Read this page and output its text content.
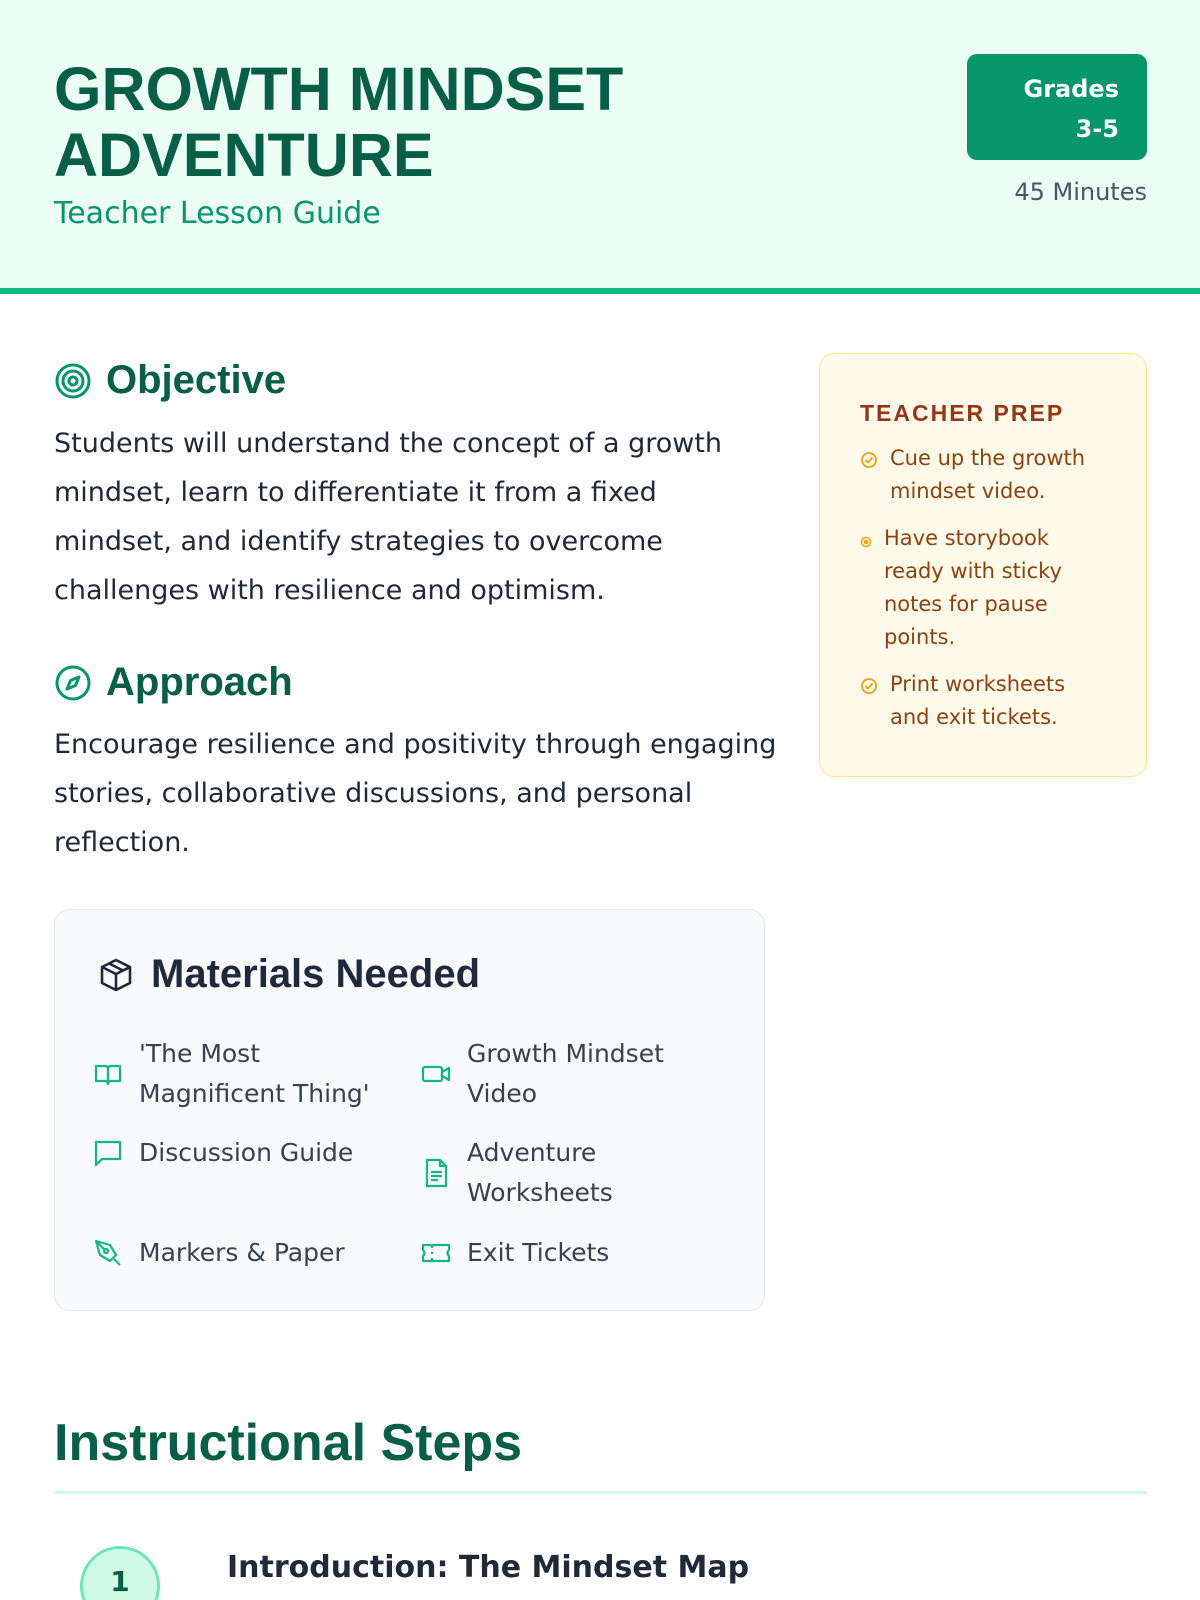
GROWTH MINDSET ADVENTURE
Teacher Lesson Guide
Grades 3-5
45 Minutes
Objective
Students will understand the concept of a growth mindset, learn to differentiate it from a fixed mindset, and identify strategies to overcome challenges with resilience and optimism.
Approach
Encourage resilience and positivity through engaging stories, collaborative discussions, and personal reflection.
Materials Needed
'The Most Magnificent Thing'
Growth Mindset Video
Discussion Guide	Adventure Worksheets
Markers & Paper	Exit Tickets
TEACHER PREP
Cue up the growth mindset video.
Have storybook ready with sticky notes for pause points.
Print worksheets and exit tickets.
Instructional Steps
1	Introduction: The Mindset Map
